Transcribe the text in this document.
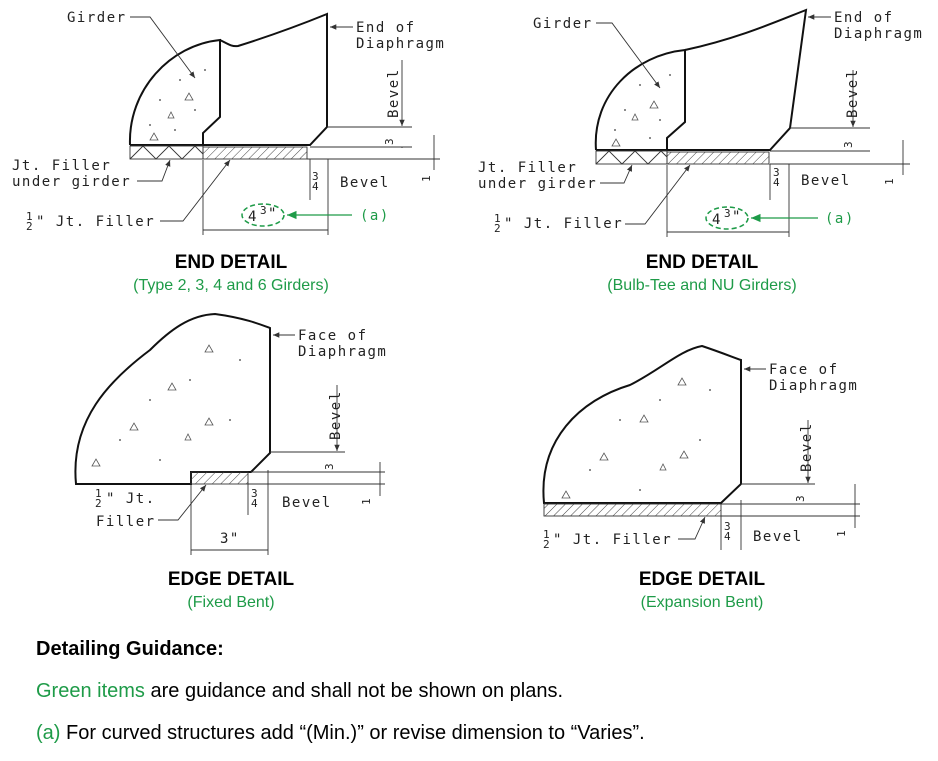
Girder
End of
Diaphragm
Bevel
3
1
3
4 Bevel
Jt. Filler
under girder
1
2 " Jt. Filler	4 3 "	(a)
END DETAIL
(Type 2, 3, 4 and 6 Girders)
Girder	End of
Diaphragm
Bevel
3
1
3
4 Bevel
Jt. Filler
under girder
1
2 " Jt. Filler	4 3 "	(a)
END DETAIL
(Bulb-Tee and NU Girders)
Face of
Diaphragm
Bevel
3
1
3
4 Bevel
1
2 " Jt.
Filler
3"
EDGE DETAIL
(Fixed Bent)
Face of
Diaphragm
Bevel
3
1
3
4 Bevel
1
2 " Jt. Filler
EDGE DETAIL
(Expansion Bent)
Detailing Guidance:
Green items are guidance and shall not be shown on plans.
(a) For curved structures add “(Min.)” or revise dimension to “Varies”.
